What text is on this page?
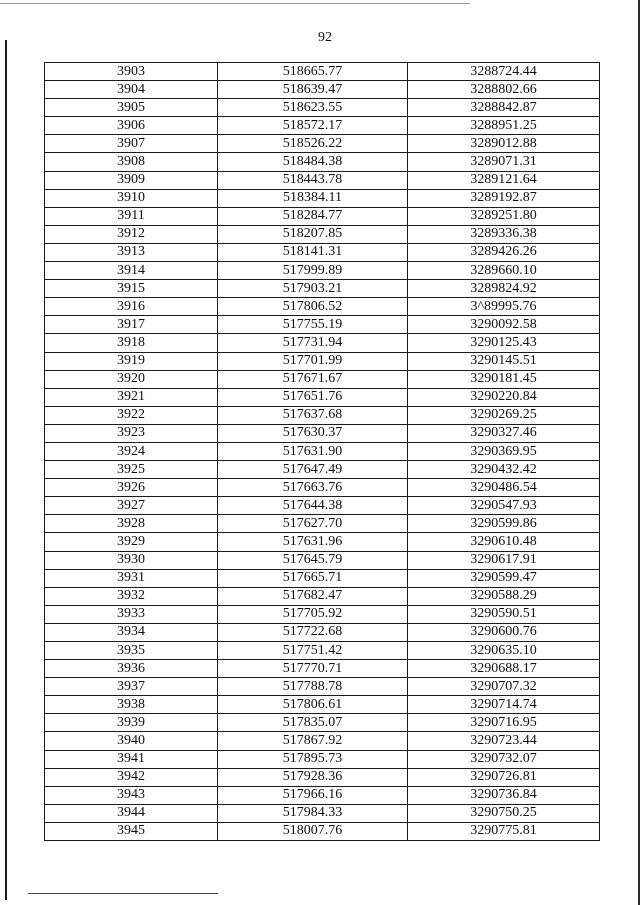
92
3903	518665.77	3288724.44
3904	518639.47	3288802.66
3905	518623.55	3288842.87
3906	518572.17	3288951.25
3907	518526.22	3289012.88
3908	518484.38	3289071.31
3909	518443.78	3289121.64
3910	518384.11	3289192.87
3911	518284.77	3289251.80
3912	518207.85	3289336.38
3913	518141.31	3289426.26
3914	517999.89	3289660.10
3915	517903.21	3289824.92
3916	517806.52	3^89995.76
3917	517755.19	3290092.58
3918	517731.94	3290125.43
3919	517701.99	3290145.51
3920	517671.67	3290181.45
3921	517651.76	3290220.84
3922	517637.68	3290269.25
3923	517630.37	3290327.46
3924	517631.90	3290369.95
3925	517647.49	3290432.42
3926	517663.76	3290486.54
3927	517644.38	3290547.93
3928	517627.70	3290599.86
3929	517631.96	3290610.48
3930	517645.79	3290617.91
3931	517665.71	3290599.47
3932	517682.47	3290588.29
3933	517705.92	3290590.51
3934	517722.68	3290600.76
3935	517751.42	3290635.10
3936	517770.71	3290688.17
3937	517788.78	3290707.32
3938	517806.61	3290714.74
3939	517835.07	3290716.95
3940	517867.92	3290723.44
3941	517895.73	3290732.07
3942	517928.36	3290726.81
3943	517966.16	3290736.84
3944	517984.33	3290750.25
3945	518007.76	3290775.81
